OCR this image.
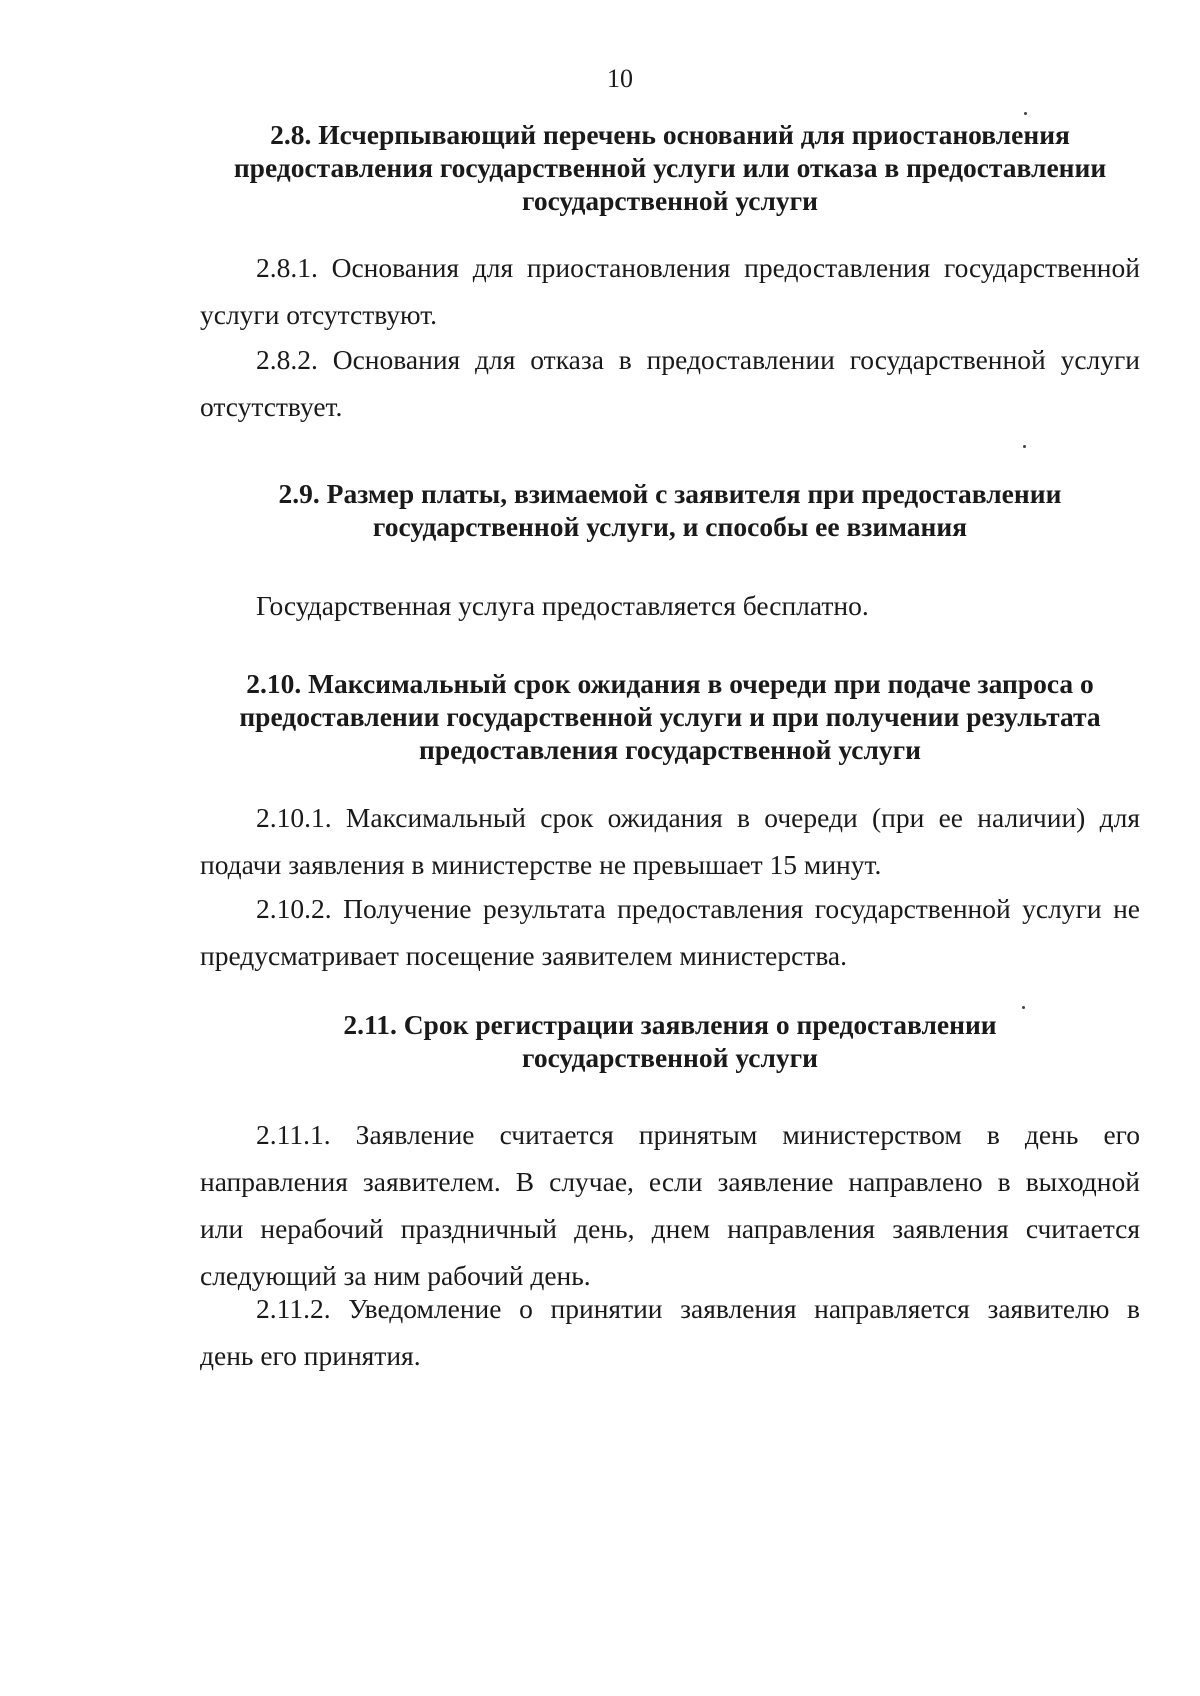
10
2.8. Исчерпывающий перечень оснований для приостановления
предоставления государственной услуги или отказа в предоставлении
государственной услуги
2.8.1. Основания для приостановления предоставления государственной
услуги отсутствуют.
2.8.2. Основания для отказа в предоставлении государственной услуги
отсутствует.
2.9. Размер платы, взимаемой с заявителя при предоставлении
государственной услуги, и способы ее взимания
Государственная услуга предоставляется бесплатно.
2.10. Максимальный срок ожидания в очереди при подаче запроса о
предоставлении государственной услуги и при получении результата
предоставления государственной услуги
2.10.1. Максимальный срок ожидания в очереди (при ее наличии) для
подачи заявления в министерстве не превышает 15 минут.
2.10.2. Получение результата предоставления государственной услуги не
предусматривает посещение заявителем министерства.
2.11. Срок регистрации заявления о предоставлении
государственной услуги
2.11.1. Заявление считается принятым министерством в день его
направления заявителем. В случае, если заявление направлено в выходной
или нерабочий праздничный день, днем направления заявления считается
следующий за ним рабочий день.
2.11.2. Уведомление о принятии заявления направляется заявителю в
день его принятия.
